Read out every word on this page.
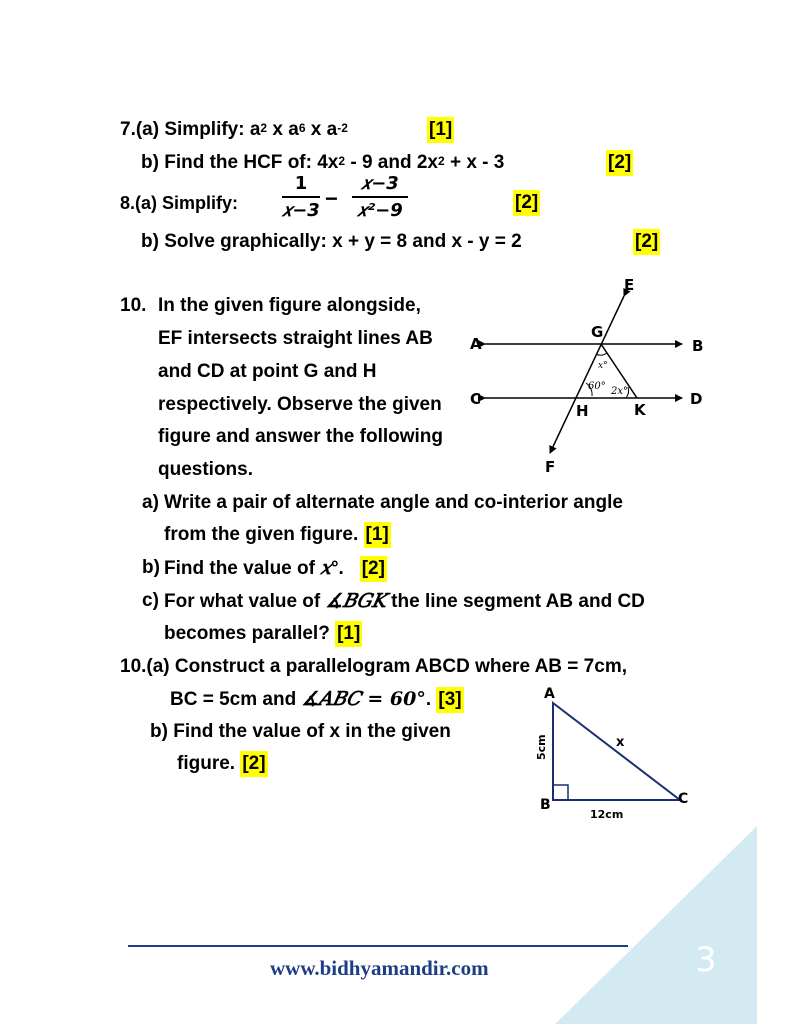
7.(a) Simplify: $a^2$ x $a^6$ x $a^{-2}$	[1]
b) Find the HCF of: $4x^2 - 9$ and $2x^2 + x - 3$	[2]
8.(a) Simplify:
1
𝑥−3 −
𝑥−3
𝑥²−9	[2]
b) Solve graphically: x + y = 8 and x - y = 2	[2]
10. In the given figure alongside,
EF intersects straight lines AB
and CD at point G and H
respectively. Observe the given
figure and answer the following
questions.
E
F
A	B
C	D
G
H	K
x°
60° 2x°
a) Write a pair of alternate angle and co-interior angle
from the given figure. [1]
b) Find the value of 𝑥°. [2]
c) For what value of ∡𝐵𝐺𝐾 the line segment AB and CD
becomes parallel? [1]
10.(a) Construct a parallelogram ABCD where AB = 7cm,
BC = 5cm and ∡𝐴𝐵𝐶 = 60°. [3]
b) Find the value of x in the given
figure. [2]
A
B	C
x
12cm
5cm
www.bidhyamandir.com	3
